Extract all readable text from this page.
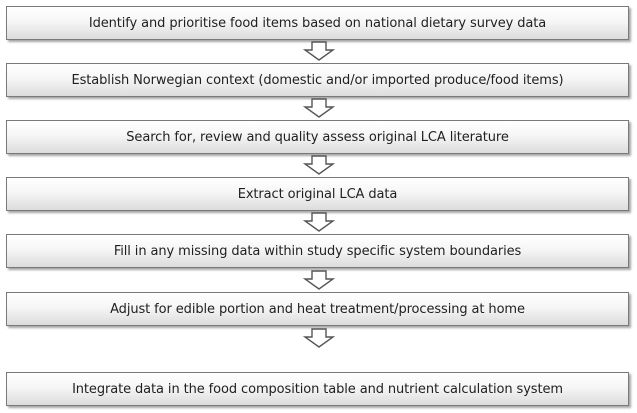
Identify and prioritise food items based on national dietary survey data
Establish Norwegian context (domestic and/or imported produce/food items)
Search for, review and quality assess original LCA literature
Extract original LCA data
Fill in any missing data within study specific system boundaries
Adjust for edible portion and heat treatment/processing at home
Integrate data in the food composition table and nutrient calculation system
